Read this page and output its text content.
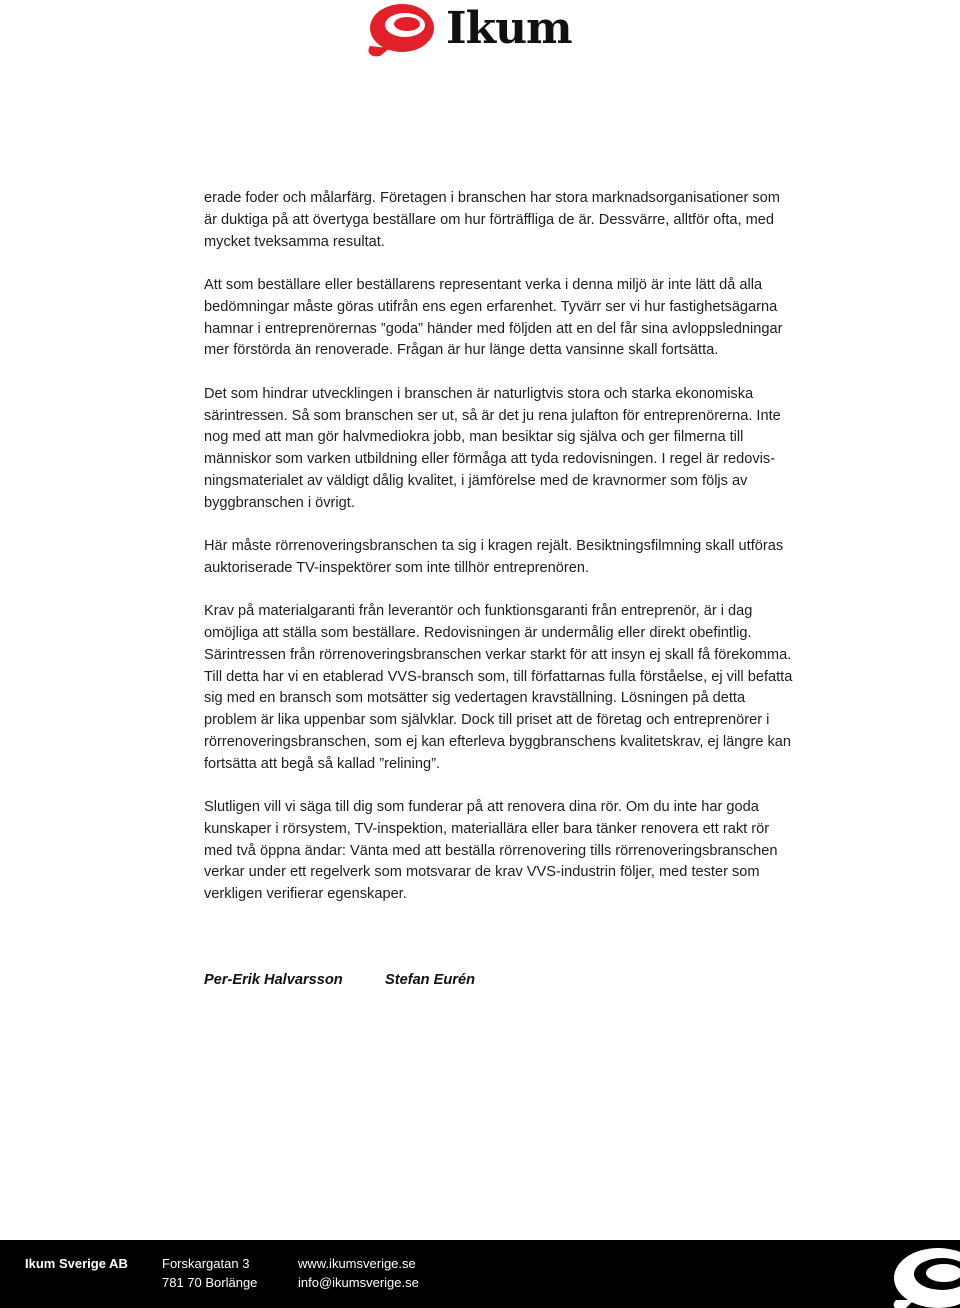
Ikum

erade foder och målarfärg. Företagen i branschen har stora marknadsorganisationer som är duktiga på att övertyga beställare om hur förträffliga de är. Dessvärre, alltför ofta, med mycket tveksamma resultat.

Att som beställare eller beställarens representant verka i denna miljö är inte lätt då alla bedömningar måste göras utifrån ens egen erfarenhet. Tyvärr ser vi hur fastighetsägarna hamnar i entreprenörernas ”goda” händer med följden att en del får sina avloppsledningar mer förstörda än renoverade. Frågan är hur länge detta vansinne skall fortsätta.

Det som hindrar utvecklingen i branschen är naturligtvis stora och starka ekonomiska särintressen. Så som branschen ser ut, så är det ju rena julafton för entreprenörerna. Inte nog med att man gör halvmediokra jobb, man besiktar sig själva och ger filmerna till människor som varken utbildning eller förmåga att tyda redovisningen. I regel är redovisningsmaterialet av väldigt dålig kvalitet, i jämförelse med de kravnormer som följs av byggbranschen i övrigt.

Här måste rörrenoveringsbranschen ta sig i kragen rejält. Besiktningsfilmning skall utföras auktoriserade TV-inspektörer som inte tillhör entreprenören.

Krav på materialgaranti från leverantör och funktionsgaranti från entreprenör, är i dag omöjliga att ställa som beställare. Redovisningen är undermålig eller direkt obefintlig. Särintressen från rörrenoveringsbranschen verkar starkt för att insyn ej skall få förekomma. Till detta har vi en etablerad VVS-bransch som, till författarnas fulla förståelse, ej vill befatta sig med en bransch som motsätter sig vedertagen kravställning. Lösningen på detta problem är lika uppenbar som självklar. Dock till priset att de företag och entreprenörer i rörrenoveringsbranschen, som ej kan efterleva byggbranschens kvalitetskrav, ej längre kan fortsätta att begå så kallad ”relining”.

Slutligen vill vi säga till dig som funderar på att renovera dina rör. Om du inte har goda kunskaper i rörsystem, TV-inspektion, materiallära eller bara tänker renovera ett rakt rör med två öppna ändar: Vänta med att beställa rörrenovering tills rörrenoveringsbranschen verkar under ett regelverk som motsvarar de krav VVS-industrin följer, med tester som verkligen verifierar egenskaper.

Per-Erik Halvarsson	Stefan Eurén
Ikum Sverige AB	Forskargatan 3
781 70 Borlänge
www.ikumsverige.se
info@ikumsverige.se
